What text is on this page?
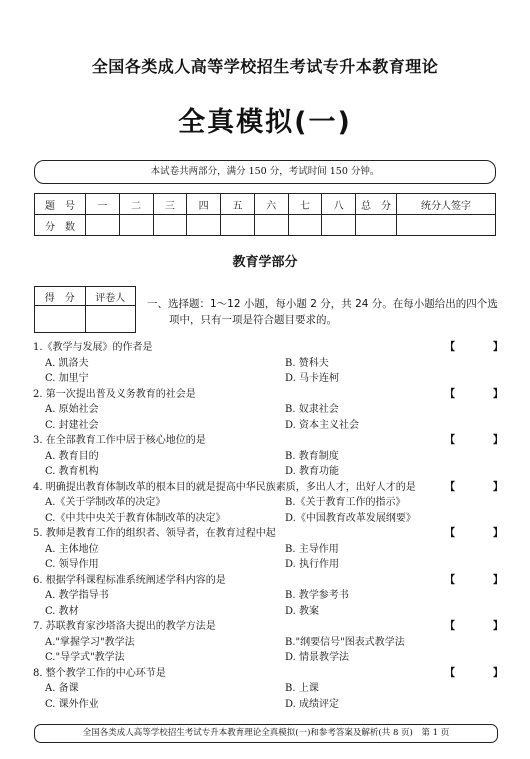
全国各类成人高等学校招生考试专升本教育理论
全真模拟(一)
本试卷共两部分，满分 150 分，考试时间 150 分钟。
题　号	一	二	三	四	五	六	七	八	总　分	统分人签字
分　数										
教育学部分
得　分	评卷人
	一、选择题：1～12 小题，每小题 2 分，共 24 分。在每小题给出的四个选
项中，只有一项是符合题目要求的。
1.《教学与发展》的作者是	【	】
A. 凯洛夫	B. 赞科夫
C. 加里宁	D. 马卡连柯
2. 第一次提出普及义务教育的社会是	【	】
A. 原始社会	B. 奴隶社会
C. 封建社会	D. 资本主义社会
3. 在全部教育工作中居于核心地位的是	【	】
A. 教育目的	B. 教育制度
C. 教育机构	D. 教育功能
4. 明确提出教育体制改革的根本目的就是提高中华民族素质，多出人才，出好人才的是	【	】
A.《关于学制改革的决定》	B.《关于教育工作的指示》
C.《中共中央关于教育体制改革的决定》	D.《中国教育改革发展纲要》
5. 教师是教育工作的组织者、领导者，在教育过程中起	【	】
A. 主体地位	B. 主导作用
C. 领导作用	D. 执行作用
6. 根据学科课程标准系统阐述学科内容的是	【	】
A. 教学指导书	B. 教学参考书
C. 教材	D. 教案
7. 苏联教育家沙塔洛夫提出的教学方法是	【	】
A."掌握学习"教学法	B."纲要信号"图表式教学法
C."导学式"教学法	D. 情景教学法
8. 整个教学工作的中心环节是	【	】
A. 备课	B. 上课
C. 课外作业	D. 成绩评定
全国各类成人高等学校招生考试专升本教育理论全真模拟(一)和参考答案及解析(共 8 页)　第 1 页
